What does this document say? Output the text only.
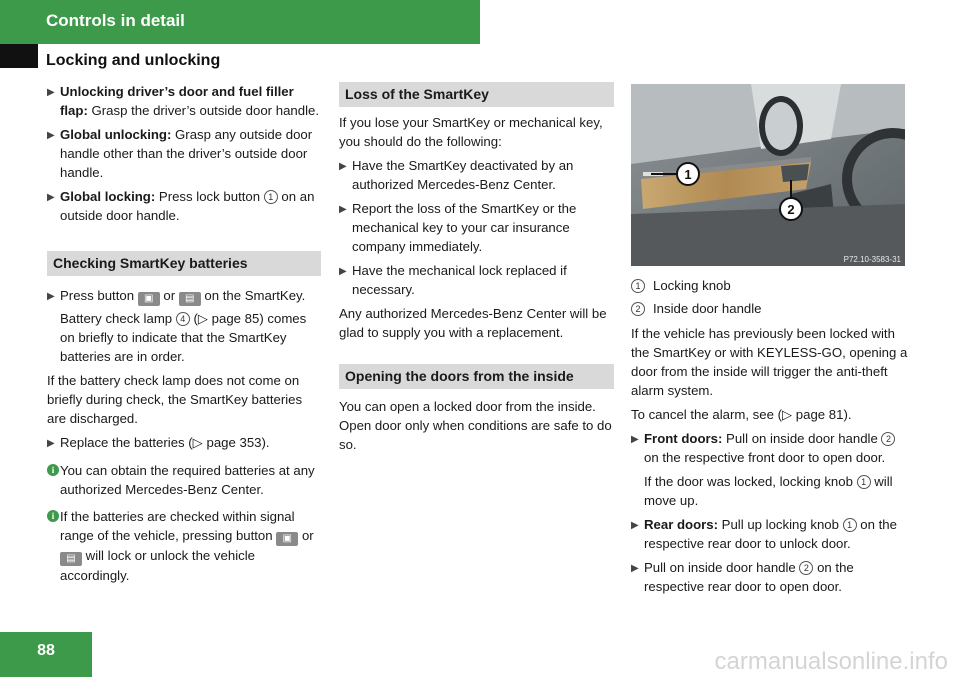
Controls in detail
Locking and unlocking
▶ Unlocking driver’s door and fuel filler flap: Grasp the driver’s outside door handle.
▶ Global unlocking: Grasp any outside door handle other than the driver’s outside door handle.
▶ Global locking: Press lock button 1 on an outside door handle.
Checking SmartKey batteries
▶ Press button ▣ or ▤ on the SmartKey.
Battery check lamp 4 (▷ page 85) comes on briefly to indicate that the SmartKey batteries are in order.
If the battery check lamp does not come on briefly during check, the SmartKey batteries are discharged.
▶ Replace the batteries (▷ page 353).
i You can obtain the required batteries at any authorized Mercedes-Benz Center.
i If the batteries are checked within signal range of the vehicle, pressing button ▣ or ▤ will lock or unlock the vehicle accordingly.
Loss of the SmartKey
If you lose your SmartKey or mechanical key, you should do the following:
▶ Have the SmartKey deactivated by an authorized Mercedes-Benz Center.
▶ Report the loss of the SmartKey or the mechanical key to your car insurance company immediately.
▶ Have the mechanical lock replaced if necessary.
Any authorized Mercedes-Benz Center will be glad to supply you with a replacement.
Opening the doors from the inside
You can open a locked door from the inside. Open door only when conditions are safe to do so.
1
2
P72.10-3583-31
1 Locking knob
2 Inside door handle
If the vehicle has previously been locked with the SmartKey or with KEYLESS-GO, opening a door from the inside will trigger the anti-theft alarm system.
To cancel the alarm, see (▷ page 81).
▶ Front doors: Pull on inside door handle 2 on the respective front door to open door.
If the door was locked, locking knob 1 will move up.
▶ Rear doors: Pull up locking knob 1 on the respective rear door to unlock door.
▶ Pull on inside door handle 2 on the respective rear door to open door.
88	carmanualsonline.info
